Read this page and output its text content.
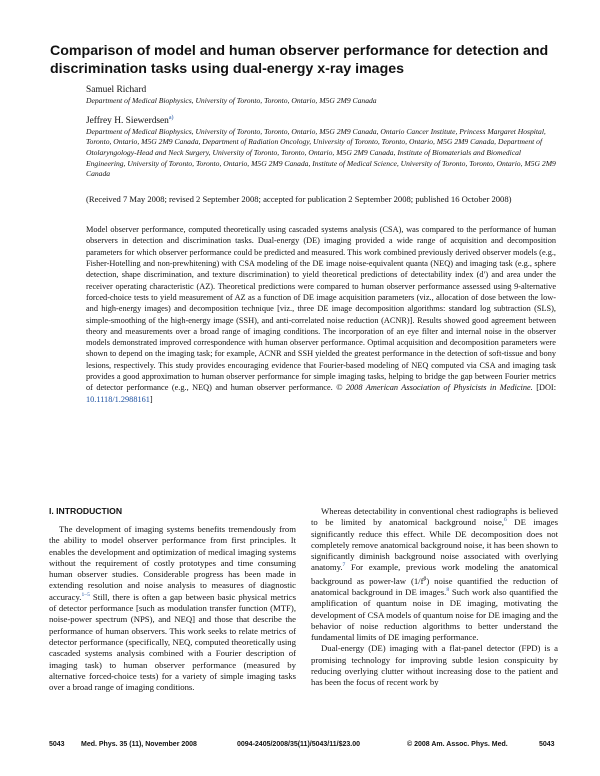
Comparison of model and human observer performance for detection and discrimination tasks using dual-energy x-ray images
Samuel Richard
Department of Medical Biophysics, University of Toronto, Toronto, Ontario, M5G 2M9 Canada
Jeffrey H. Siewerdsen$^{a)}$
Department of Medical Biophysics, University of Toronto, Toronto, Ontario, M5G 2M9 Canada, Ontario Cancer Institute, Princess Margaret Hospital, Toronto, Ontario, M5G 2M9 Canada, Department of Radiation Oncology, University of Toronto, Toronto, Ontario, M5G 2M9 Canada, Department of Otolaryngology-Head and Neck Surgery, University of Toronto, Toronto, Ontario, M5G 2M9 Canada, Institute of Biomaterials and Biomedical Engineering, University of Toronto, Toronto, Ontario, M5G 2M9 Canada, Institute of Medical Science, University of Toronto, Toronto, Ontario, M5G 2M9 Canada
(Received 7 May 2008; revised 2 September 2008; accepted for publication 2 September 2008; published 16 October 2008)
Model observer performance, computed theoretically using cascaded systems analysis (CSA), was compared to the performance of human observers in detection and discrimination tasks. Dual-energy (DE) imaging provided a wide range of acquisition and decomposition parameters for which observer performance could be predicted and measured. This work combined previously derived observer models (e.g., Fisher-Hotelling and non-prewhitening) with CSA modeling of the DE image noise-equivalent quanta (NEQ) and imaging task (e.g., sphere detection, shape discrimination, and texture discrimination) to yield theoretical predictions of detectability index (d′) and area under the receiver operating characteristic (AZ). Theoretical predictions were compared to human observer performance assessed using 9-alternative forced-choice tests to yield measurement of AZ as a function of DE image acquisition parameters (viz., allocation of dose between the low- and high-energy images) and decomposition technique [viz., three DE image decomposition algorithms: standard log subtraction (SLS), simple-smoothing of the high-energy image (SSH), and anti-correlated noise reduction (ACNR)]. Results showed good agreement between theory and measurements over a broad range of imaging conditions. The incorporation of an eye filter and internal noise in the observer models demonstrated improved correspondence with human observer performance. Optimal acquisition and decomposition parameters were shown to depend on the imaging task; for example, ACNR and SSH yielded the greatest performance in the detection of soft-tissue and bony lesions, respectively. This study provides encouraging evidence that Fourier-based modeling of NEQ computed via CSA and imaging task provides a good approximation to human observer performance for simple imaging tasks, helping to bridge the gap between Fourier metrics of detector performance (e.g., NEQ) and human observer performance. © 2008 American Association of Physicists in Medicine. [DOI: 10.1118/1.2988161]
I. INTRODUCTION

The development of imaging systems benefits tremendously from the ability to model observer performance from first principles. It enables the development and optimization of medical imaging systems without the requirement of costly prototypes and time consuming human observer studies. Considerable progress has been made in extending resolution and noise analysis to measures of diagnostic accuracy.$^{1-5}$ Still, there is often a gap between basic physical metrics of detector performance [such as modulation transfer function (MTF), noise-power spectrum (NPS), and NEQ] and those that describe the performance of human observers. This work seeks to relate metrics of detector performance (specifically, NEQ, computed theoretically using cascaded systems analysis combined with a Fourier description of imaging task) to human observer performance (measured by alternative forced-choice tests) for a variety of simple imaging tasks over a broad range of imaging conditions.

Whereas detectability in conventional chest radiographs is believed to be limited by anatomical background noise,$^6$ DE images significantly reduce this effect. While DE decomposition does not completely remove anatomical background noise, it has been shown to significantly diminish background noise associated with overlying anatomy.$^7$ For example, previous work modeling the anatomical background as power-law $(1/f^\beta)$ noise quantified the reduction of anatomical background in DE images.$^8$ Such work also quantified the amplification of quantum noise in DE imaging, motivating the development of CSA models of quantum noise for DE imaging and the behavior of noise reduction algorithms to better understand the fundamental limits of DE imaging performance.

Dual-energy (DE) imaging with a flat-panel detector (FPD) is a promising technology for improving subtle lesion conspicuity by reducing overlying clutter without increasing dose to the patient and has been the focus of recent work by

5043 Med. Phys. 35 (11), November 2008	0094-2405/2008/35(11)/5043/11/$23.00	© 2008 Am. Assoc. Phys. Med.	5043
